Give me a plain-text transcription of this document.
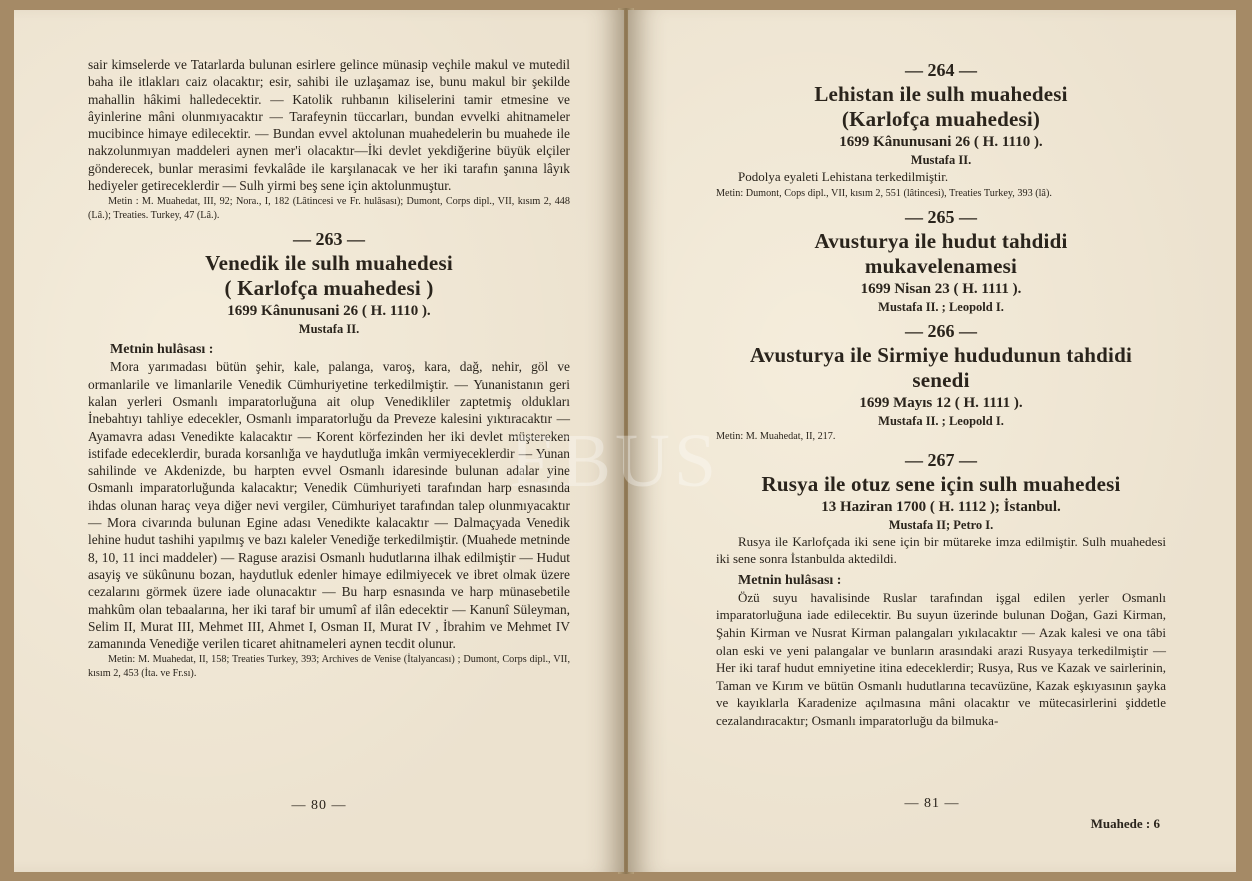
sair kimselerde ve Tatarlarda bulunan esirlere gelince münasip veçhile makul ve mutedil baha ile itlakları caiz olacaktır; esir, sahibi ile uzlaşamaz ise, bunu makul bir şekilde mahallin hâkimi halledecektir. — Katolik ruhbanın kiliselerini tamir etmesine ve âyinlerine mâni olunmıyacaktır — Tarafeynin tüccarları, bundan evvelki ahitnameler mucibince himaye edilecektir. — Bundan evvel aktolunan muahedelerin bu muahede ile nakzolunmıyan maddeleri aynen mer'i olacaktır—İki devlet yekdiğerine büyük elçiler gönderecek, bunlar merasimi fevkalâde ile karşılanacak ve her iki tarafın şanına lâyık hediyeler getireceklerdir — Sulh yirmi beş sene için aktolunmuştur.

Metin : M. Muahedat, III, 92; Nora., I, 182 (Lâtincesi ve Fr. hulâsası); Dumont, Corps dipl., VII, kısım 2, 448 (Lâ.); Treaties. Turkey, 47 (Lâ.).

— 263 —

Venedik ile sulh muahedesi

( Karlofça muahedesi )

1699 Kânunusani 26 ( H. 1110 ).

Mustafa II.

Metnin hulâsası :

Mora yarımadası bütün şehir, kale, palanga, varoş, kara, dağ, nehir, göl ve ormanlarile ve limanlarile Venedik Cümhuriyetine terkedilmiştir. — Yunanistanın geri kalan yerleri Osmanlı imparatorluğuna ait olup Venedikliler zaptetmiş oldukları İnebahtıyı tahliye edecekler, Osmanlı imparatorluğu da Preveze kalesini yıktıracaktır — Ayamavra adası Venedikte kalacaktır — Korent körfezinden her iki devlet müştereken istifade edeceklerdir, burada korsanlığa ve haydutluğa imkân vermiyeceklerdir — Yunan sahilinde ve Akdenizde, bu harpten evvel Osmanlı idaresinde bulunan adalar yine Osmanlı imparatorluğunda kalacaktır; Venedik Cümhuriyeti tarafından harp esnasında ihdas olunan haraç veya diğer nevi vergiler, Cümhuriyet tarafından talep olunmıyacaktır — Mora civarında bulunan Egine adası Venedikte kalacaktır — Dalmaçyada Venedik lehine hudut tashihi yapılmış ve bazı kaleler Venediğe terkedilmiştir. (Muahede metninde 8, 10, 11 inci maddeler) — Raguse arazisi Osmanlı hudutlarına ilhak edilmiştir — Hudut asayiş ve sükûnunu bozan, haydutluk edenler himaye edilmiyecek ve ibret olmak üzere cezalarını görmek üzere iade olunacaktır — Bu harp esnasında ve harp münasebetile mahkûm olan tebaalarına, her iki taraf bir umumî af ilân edecektir — Kanunî Süleyman, Selim II, Murat III, Mehmet III, Ahmet I, Osman II, Murat IV , İbrahim ve Mehmet IV zamanında Venediğe verilen ticaret ahitnameleri aynen tecdit olunur.

Metin: M. Muahedat, II, 158; Treaties Turkey, 393; Archives de Venise (İtalyancası) ; Dumont, Corps dipl., VII, kısım 2, 453 (İta. ve Fr.sı).

— 80 —

— 264 —

Lehistan ile sulh muahedesi

(Karlofça muahedesi)

1699 Kânunusani 26 ( H. 1110 ).

Mustafa II.

Podolya eyaleti Lehistana terkedilmiştir.

Metin: Dumont, Cops dipl., VII, kısım 2, 551 (lâtincesi), Treaties Turkey, 393 (lâ).

— 265 —

Avusturya ile hudut tahdidi

mukavelenamesi

1699 Nisan 23 ( H. 1111 ).

Mustafa II. ; Leopold I.

— 266 —

Avusturya ile Sirmiye hududunun tahdidi

senedi

1699 Mayıs 12 ( H. 1111 ).

Mustafa II. ; Leopold I.

Metin: M. Muahedat, II, 217.

— 267 —

Rusya ile otuz sene için sulh muahedesi

13 Haziran 1700 ( H. 1112 ); İstanbul.

Mustafa II; Petro I.

Rusya ile Karlofçada iki sene için bir mütareke imza edilmiştir. Sulh muahedesi iki sene sonra İstanbulda aktedildi.

Metnin hulâsası :

Özü suyu havalisinde Ruslar tarafından işgal edilen yerler Osmanlı imparatorluğuna iade edilecektir. Bu suyun üzerinde bulunan Doğan, Gazi Kirman, Şahin Kirman ve Nusrat Kirman palangaları yıkılacaktır — Azak kalesi ve ona tâbi olan eski ve yeni palangalar ve bunların arasındaki arazi Rusyaya terkedilmiştir — Her iki taraf hudut emniyetine itina edeceklerdir; Rusya, Rus ve Kazak ve sairlerinin, Taman ve Kırım ve bütün Osmanlı hudutlarına tecavüzüne, Kazak eşkıyasının şayka ve kayıklarla Karadenize açılmasına mâni olacaktır ve mütecasirlerini şiddetle cezalandıracaktır; Osmanlı imparatorluğu da bilmuka-

— 81 —
Muahede : 6
EBUS
